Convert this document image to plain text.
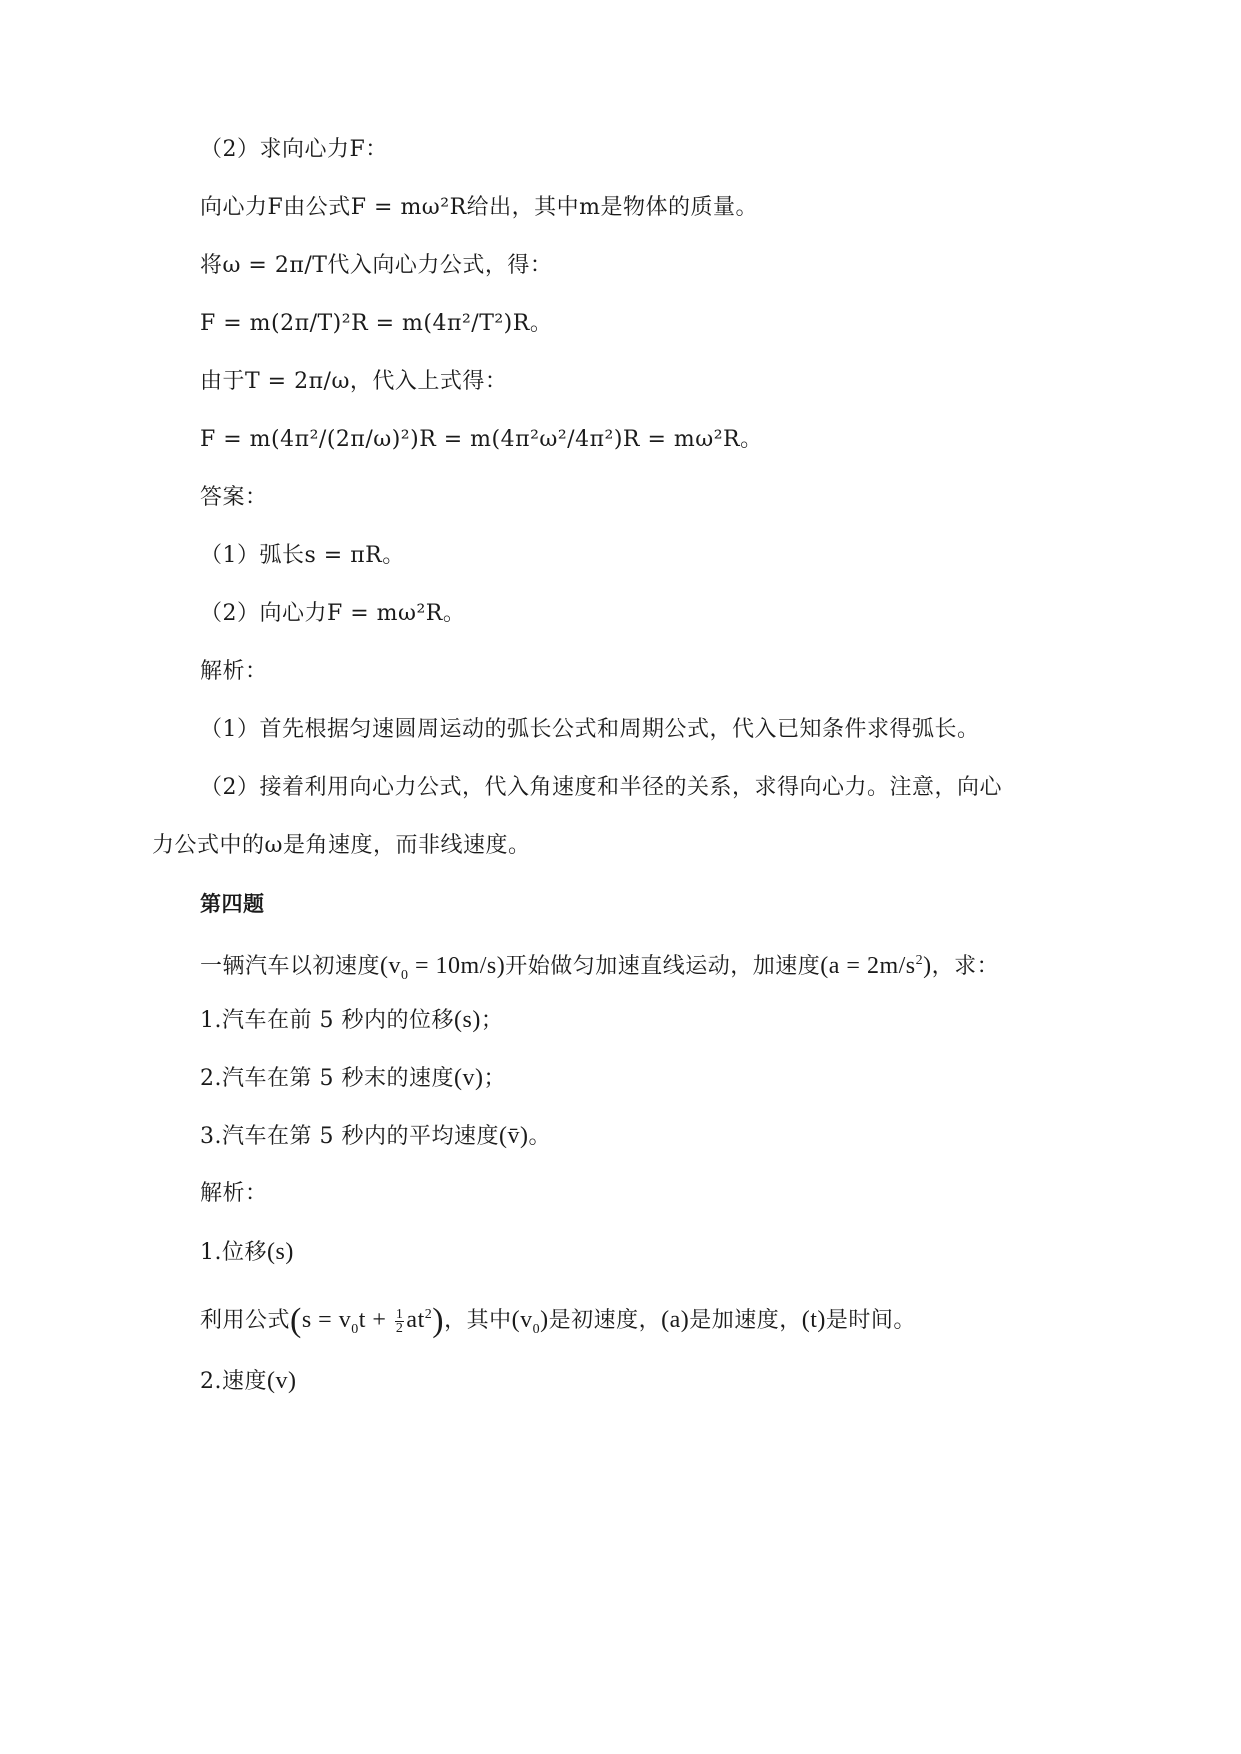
（2）求向心力F：
向心力F由公式F = mω²R给出，其中m是物体的质量。
将ω = 2π/T代入向心力公式，得：
F = m(2π/T)²R = m(4π²/T²)R。
由于T = 2π/ω，代入上式得：
F = m(4π²/(2π/ω)²)R = m(4π²ω²/4π²)R = mω²R。
答案：
（1）弧长s = πR。
（2）向心力F = mω²R。
解析：
（1）首先根据匀速圆周运动的弧长公式和周期公式，代入已知条件求得弧长。
（2）接着利用向心力公式，代入角速度和半径的关系，求得向心力。注意，向心
力公式中的ω是角速度，而非线速度。
第四题
一辆汽车以初速度$(v_0 = 10m/s)$开始做匀加速直线运动，加速度$(a = 2m/s^2)$，求：
1.汽车在前 5 秒内的位移(s)；
2.汽车在第 5 秒末的速度(v)；
3.汽车在第 5 秒内的平均速度(v̄)。
解析：
1.位移(s)
利用公式$(s = v_0t + \frac{1}{2} at^2)$，其中$(v_0)$是初速度，(a)是加速度，(t)是时间。
2.速度(v)
